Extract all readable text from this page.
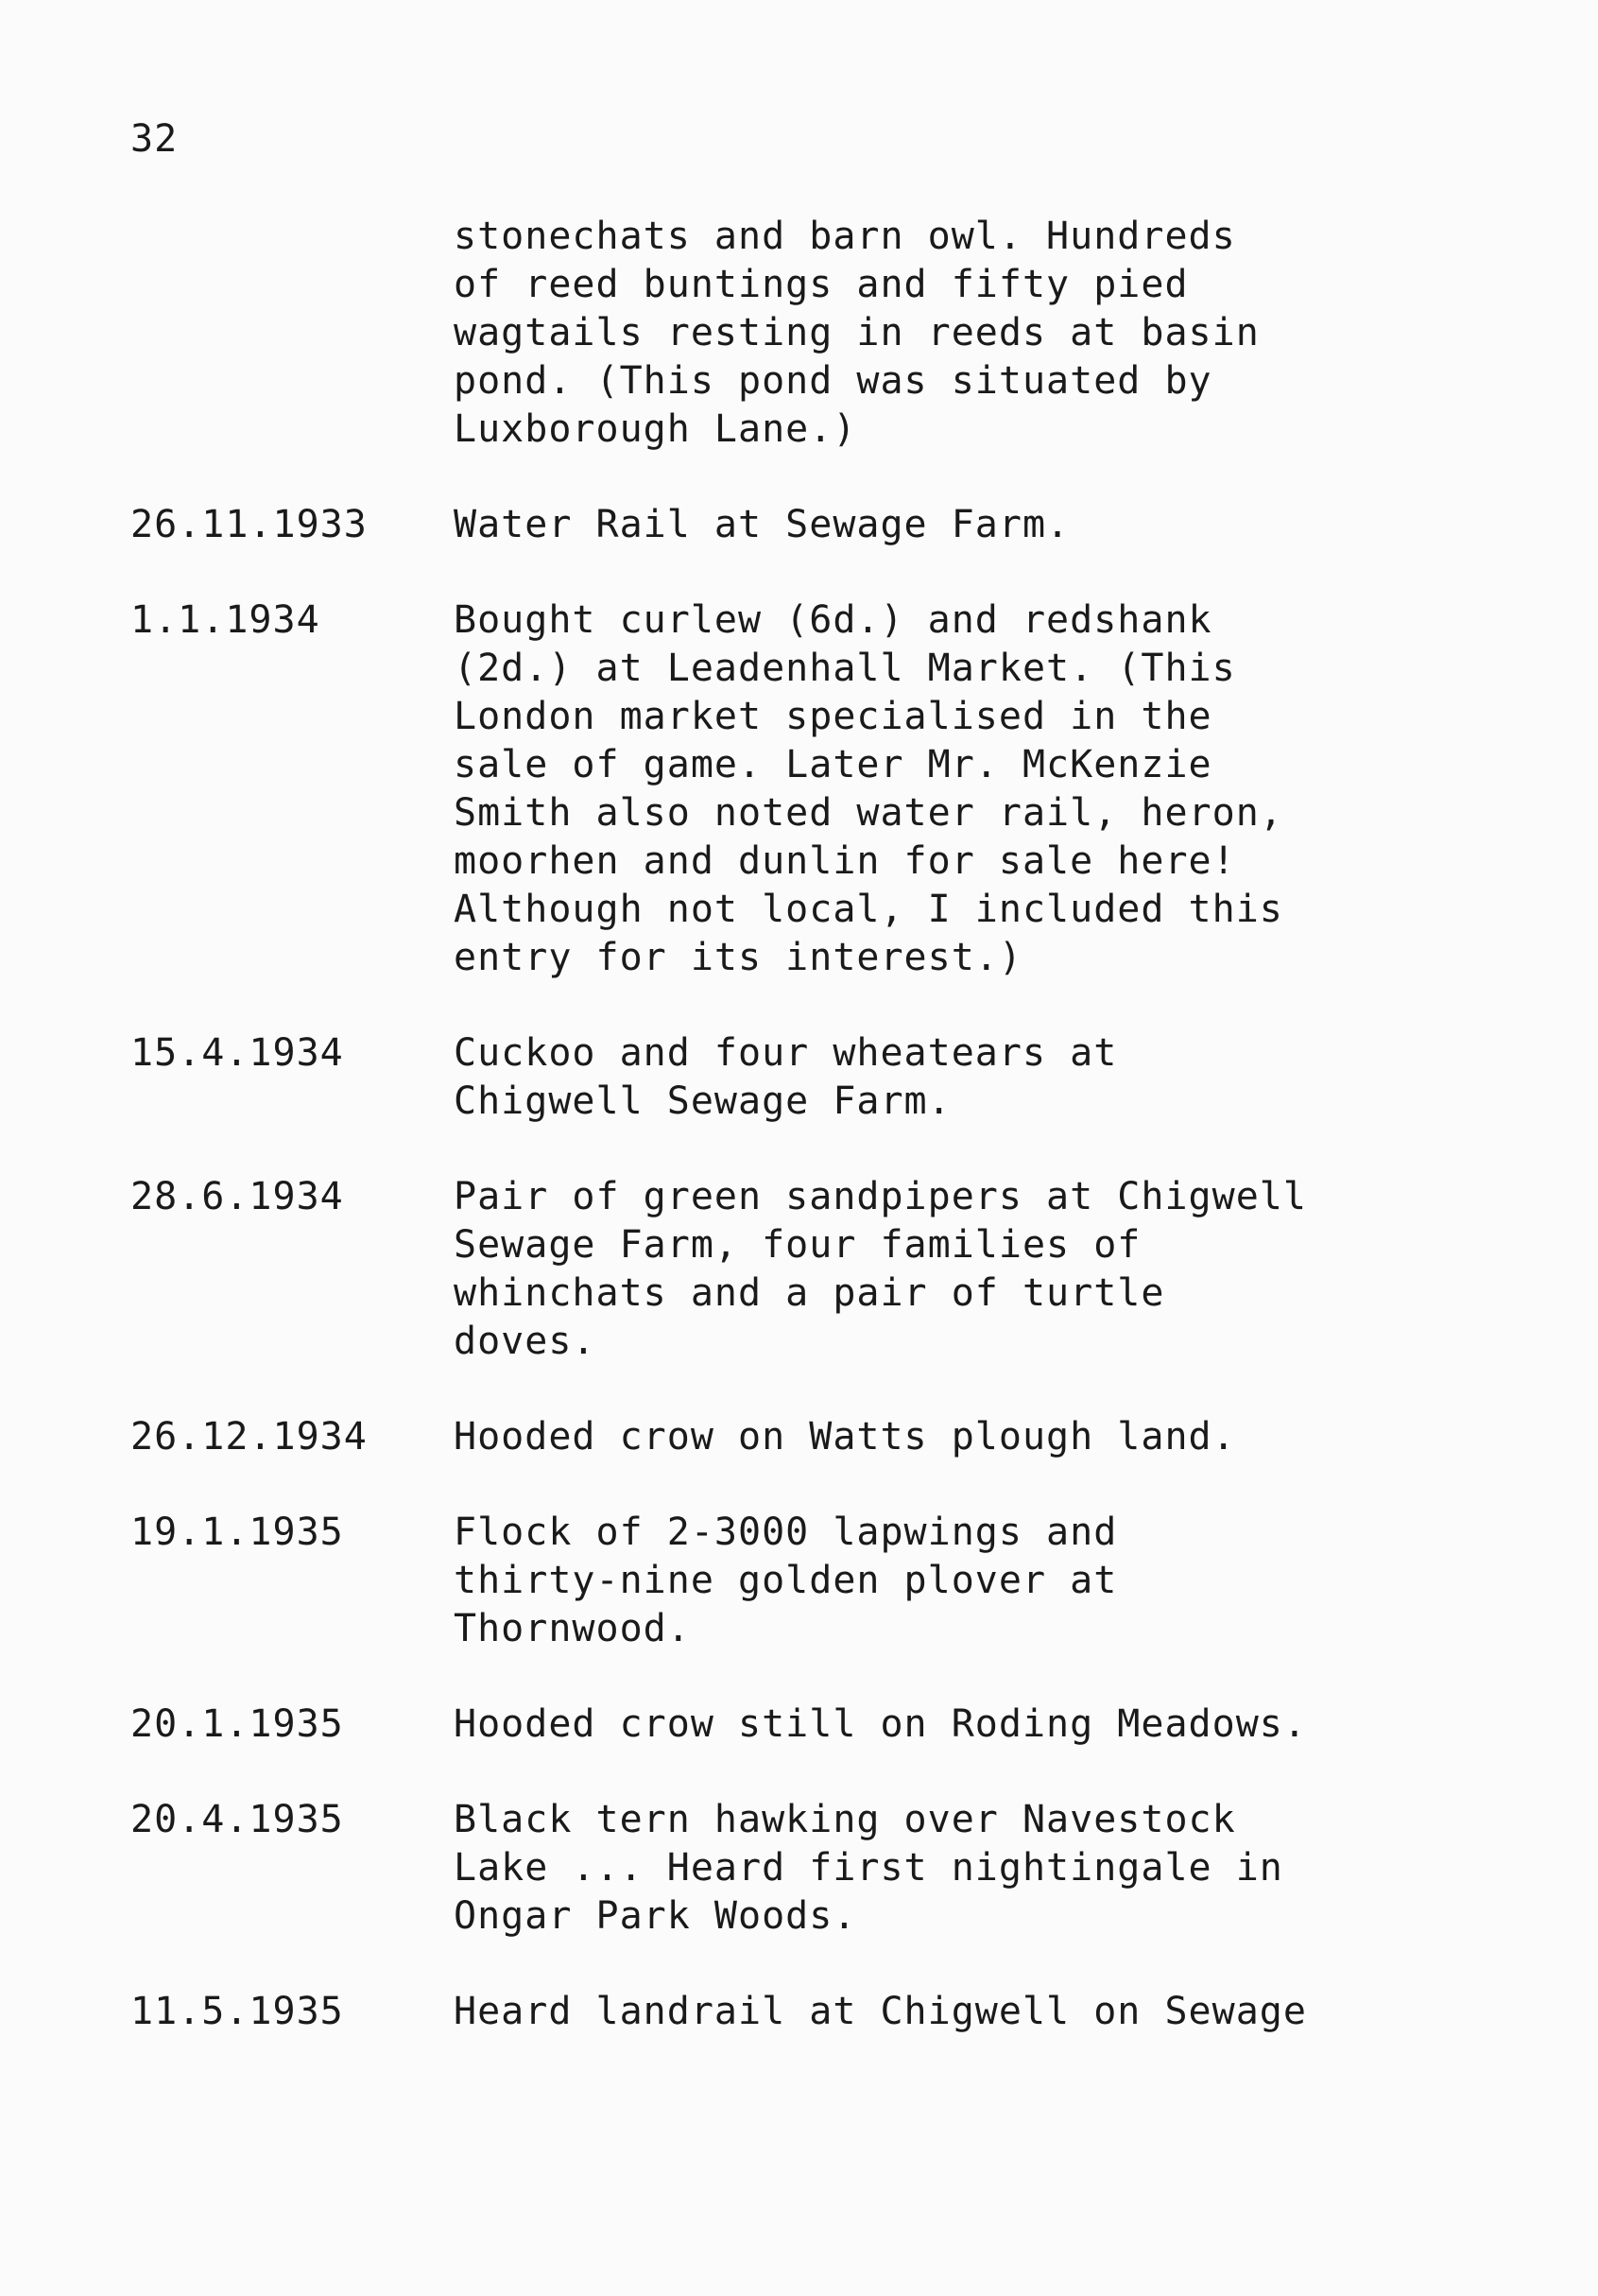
32
stonechats and barn owl. Hundreds
of reed buntings and fifty pied
wagtails resting in reeds at basin
pond. (This pond was situated by
Luxborough Lane.)
26.11.1933	Water Rail at Sewage Farm.
1.1.1934	Bought curlew (6d.) and redshank
(2d.) at Leadenhall Market. (This
London market specialised in the
sale of game. Later Mr. McKenzie
Smith also noted water rail, heron,
moorhen and dunlin for sale here!
Although not local, I included this
entry for its interest.)
15.4.1934	Cuckoo and four wheatears at
Chigwell Sewage Farm.
28.6.1934	Pair of green sandpipers at Chigwell
Sewage Farm, four families of
whinchats and a pair of turtle
doves.
26.12.1934	Hooded crow on Watts plough land.
19.1.1935	Flock of 2-3000 lapwings and
thirty-nine golden plover at
Thornwood.
20.1.1935	Hooded crow still on Roding Meadows.
20.4.1935	Black tern hawking over Navestock
Lake ... Heard first nightingale in
Ongar Park Woods.
11.5.1935	Heard landrail at Chigwell on Sewage
